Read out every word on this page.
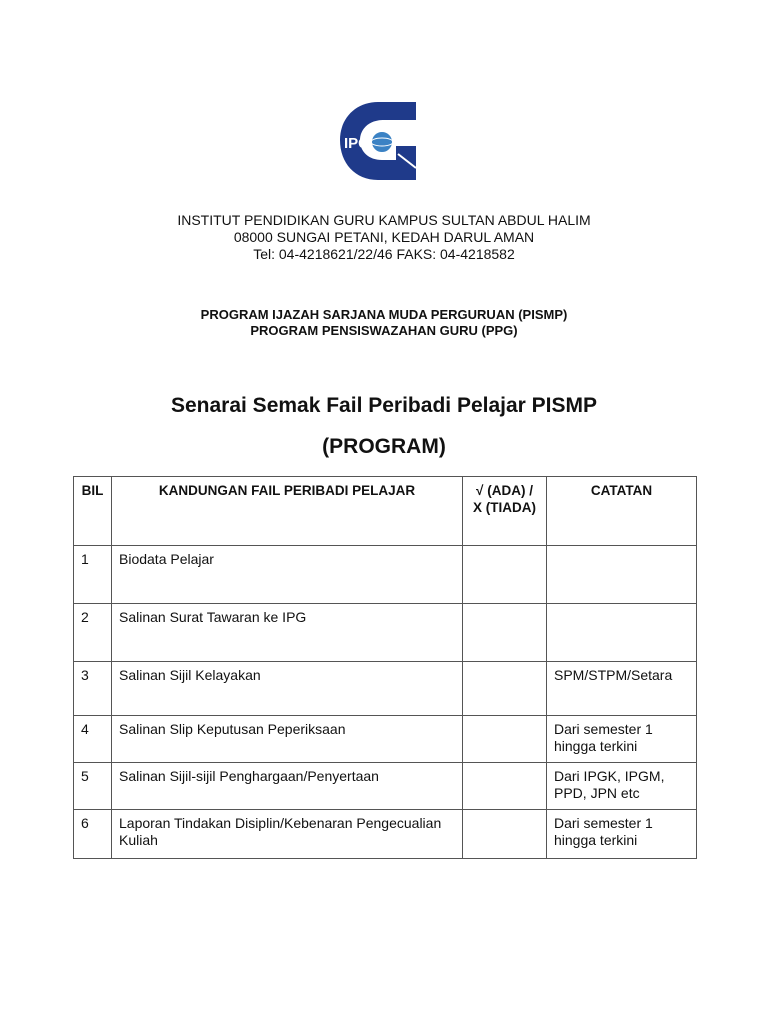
IPG
INSTITUT PENDIDIKAN GURU KAMPUS SULTAN ABDUL HALIM
08000 SUNGAI PETANI, KEDAH DARUL AMAN
Tel: 04-4218621/22/46 FAKS: 04-4218582
PROGRAM IJAZAH SARJANA MUDA PERGURUAN (PISMP)
PROGRAM PENSISWAZAHAN GURU (PPG)
Senarai Semak Fail Peribadi Pelajar PISMP
(PROGRAM)
BIL	KANDUNGAN FAIL PERIBADI PELAJAR	√ (ADA) / X (TIADA)	CATATAN
1	Biodata Pelajar		
2	Salinan Surat Tawaran ke IPG		
3	Salinan Sijil Kelayakan		SPM/STPM/Setara
4	Salinan Slip Keputusan Peperiksaan		Dari semester 1 hingga terkini
5	Salinan Sijil-sijil Penghargaan/Penyertaan		Dari IPGK, IPGM, PPD, JPN etc
6	Laporan Tindakan Disiplin/Kebenaran Pengecualian Kuliah		Dari semester 1 hingga terkini
